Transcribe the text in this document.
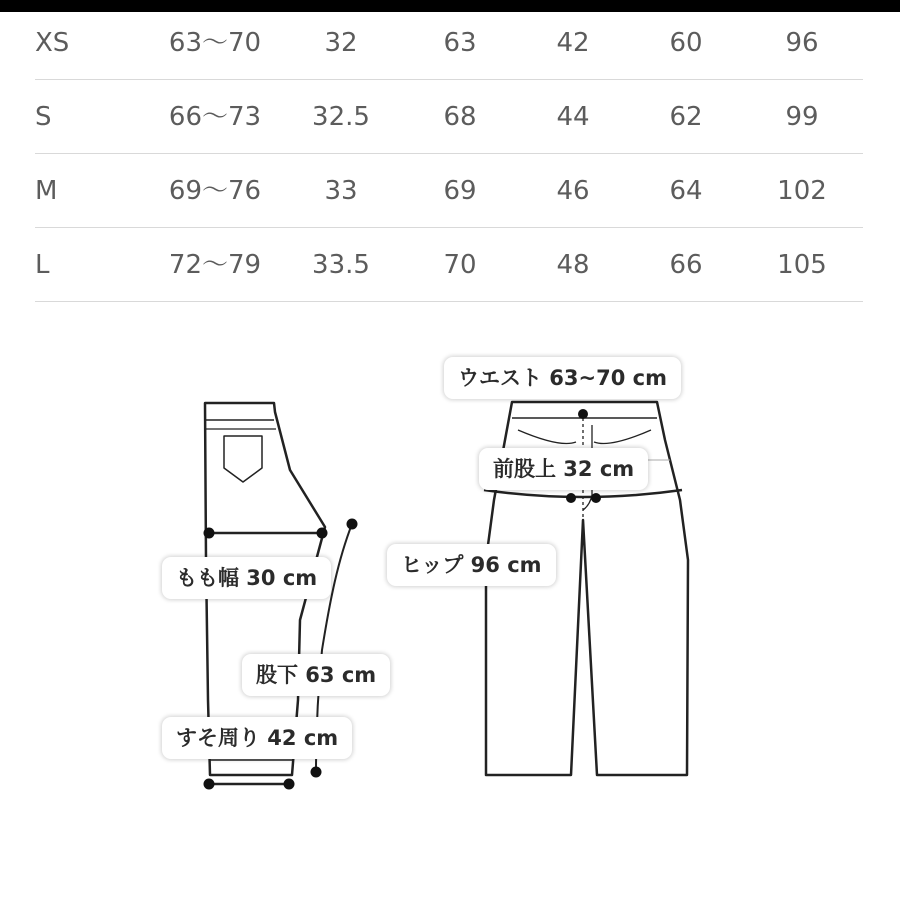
XS	63〜70 32	63	42	60	96
S	66〜73 32.5	68	44	62	99
M	69〜76 33	69	46	64	102
L	72〜79 33.5	70	48	66	105
ウエスト 63~70 cm
前股上 32 cm
ヒップ 96 cm
もも幅 30 cm
股下 63 cm
すそ周り 42 cm
